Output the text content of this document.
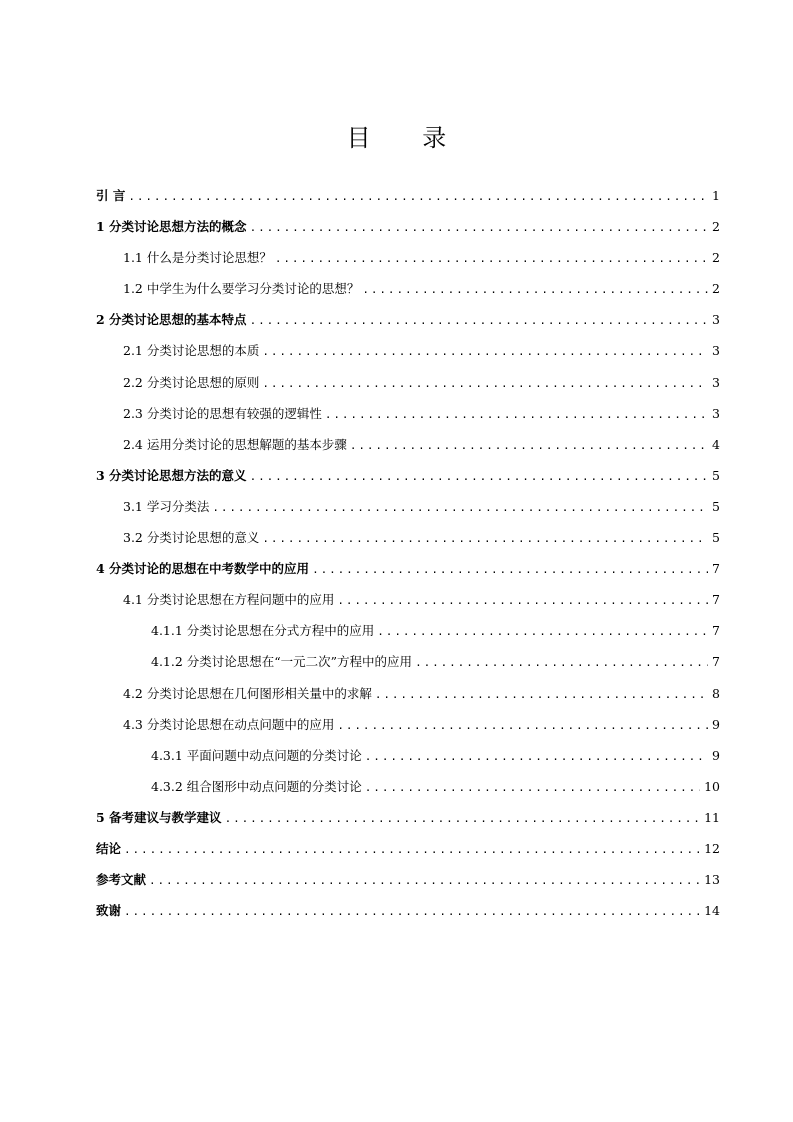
目 录
引 言 .....	1
1 分类讨论思想方法的概念 .....	2
1.1 什么是分类讨论思想？ .....	2
1.2 中学生为什么要学习分类讨论的思想？ .....	2
2 分类讨论思想的基本特点 .....	3
2.1 分类讨论思想的本质 .....	3
2.2 分类讨论思想的原则 .....	3
2.3 分类讨论的思想有较强的逻辑性 .....	3
2.4 运用分类讨论的思想解题的基本步骤 .....	4
3 分类讨论思想方法的意义 .....	5
3.1 学习分类法 .....	5
3.2 分类讨论思想的意义 .....	5
4 分类讨论的思想在中考数学中的应用 .....	7
4.1 分类讨论思想在方程问题中的应用 .....	7
4.1.1 分类讨论思想在分式方程中的应用 .....	7
4.1.2 分类讨论思想在“一元二次”方程中的应用 .....	7
4.2 分类讨论思想在几何图形相关量中的求解 .....	8
4.3 分类讨论思想在动点问题中的应用 .....	9
4.3.1 平面问题中动点问题的分类讨论 .....	9
4.3.2 组合图形中动点问题的分类讨论 .....	10
5 备考建议与教学建议 .....	11
结论 .....	12
参考文献 .....	13
致谢 .....	14
